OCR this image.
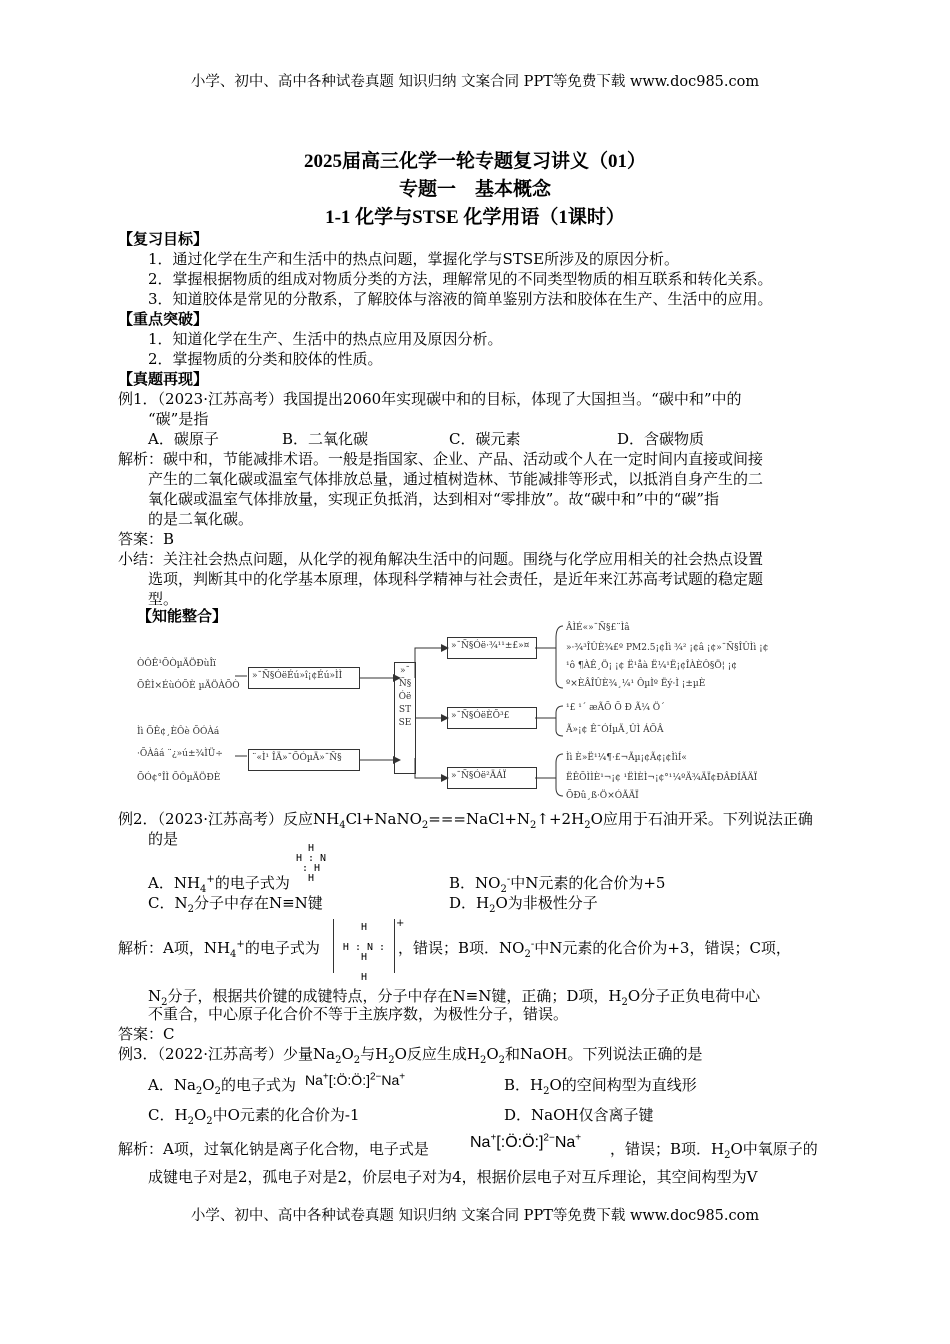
小学、初中、高中各种试卷真题 知识归纳 文案合同 PPT等免费下载 www.doc985.com
2025届高三化学一轮专题复习讲义（01）
专题一　基本概念
1-1 化学与STSE 化学用语（1课时）
【复习目标】
1．通过化学在生产和生活中的热点问题，掌握化学与STSE所涉及的原因分析。
2．掌握根据物质的组成对物质分类的方法，理解常见的不同类型物质的相互联系和转化关系。
3．知道胶体是常见的分散系，了解胶体与溶液的简单鉴别方法和胶体在生产、生活中的应用。
【重点突破】
1．知道化学在生产、生活中的热点应用及原因分析。
2．掌握物质的分类和胶体的性质。
【真题再现】
例1．（2023·江苏高考）我国提出2060年实现碳中和的目标，体现了大国担当。“碳中和”中的
“碳”是指
A．碳原子	B．二氧化碳	C．碳元素	D．含碳物质
解析：碳中和，节能减排术语。一般是指国家、企业、产品、活动或个人在一定时间内直接或间接
产生的二氧化碳或温室气体排放总量，通过植树造林、节能减排等形式，以抵消自身产生的二
氧化碳或温室气体排放量，实现正负抵消，达到相对“零排放”。故“碳中和”中的“碳”指
的是二氧化碳。
答案：B
小结：关注社会热点问题，从化学的视角解决生活中的问题。围绕与化学应用相关的社会热点设置
选项，判断其中的化学基本原理，体现科学精神与社会责任，是近年来江苏高考试题的稳定题
型。
【知能整合】
ÒÔÊ¹ÕÒµÄÖÐùÎï
ÕÊÌ×ÉùÓÕÈ µÄÖÀÕÒ
»¯Ñ§ÓëÉú»î¡¢Éú»ÌÌ
Ìì ÕÊ¢¸ÈÔè ÕÓÀá
·ÕÀâá ¨¿»ú±¾ÌÜ÷
ÕÓ¢°ÎÌ ÕÔµÄÖÐÈ
¨«Ì¹ ÎÄ»¯ÕÓµÄ»¯Ñ§
»¯Ñ§ÓëSTSE
»¯Ñ§Óë·¾¹¹±£»¤
»¯Ñ§ÓëÈÕ³£
»¯Ñ§Óë²ÄÁÏ
ÂÌÉ«»¯Ñ§£¨Ìâ
»·¾³ÎÛÈ¾£º PM2.5¡¢Ìì ¾² ¡¢â ¡¢»¯Ñ§ÎÛÌì ¡¢
¹ô ¶ÀÊ¸Ö¡ ¡¢ Ë¹åà Ë¼¹Ë¡¢ÎÀÈÔ§Ö¦ ¡¢
º×ÈÂÎÛÈ¾¸¼¹ ÔµÌº Ëý·Ì ¡±µÈ
¹£ ¹´ æÃÕ Õ Ð Ã¼ Ö´
Ã»¡¢ Ê¯ÓÍµÄ¸ÛÌ ÁÕÂ
Ìì È»Ë¹¼¶·£¬Ãµ¡¢Ã¢¡¢ÌìÍ«
ËÊÕÌÌÈ¹¬¡¢ ¹ËÌÈÌ¬¡¢°¹¼ºÄ¾ÄÏ¢ÐÂÐÍÃÄÏ
ÕÐû¸ß·Ö×ÓÃÄÏ
例2．（2023·江苏高考）反应$NH_4Cl+NaNO_2===NaCl+N_2↑+2H_2O$应用于石油开采。下列说法正确
的是
H
H : N : H
H
A．$NH_4^+$的电子式为	B．$NO_2^-$中N元素的化合价为+5
C．$N_2$分子中存在N≡N键	D．$H_2O$为非极性分子
解析：A项，$NH_4^+$的电子式为
H

H : N : H

H
+
，错误；B项．$NO_2^-$中N元素的化合价为+3，错误；C项，
$N_2$分子，根据共价键的成键特点，分子中存在N≡N键，正确；D项，$H_2O$分子正负电荷中心
不重合，中心原子化合价不等于主族序数，为极性分子，错误。
答案：C
例3．（2022·江苏高考）少量$Na_2O_2$与$H_2O$反应生成$H_2O_2$和NaOH。下列说法正确的是
A．$Na_2O_2$的电子式为 Na+[:Ö:Ö:]$^{2-}$Na+	B．$H_2O$的空间构型为直线形
C．$H_2O_2$中O元素的化合价为-1	D．NaOH仅含离子键
解析：A项，过氧化钠是离子化合物，电子式是	Na+[:Ö:Ö:]$^{2-}$Na+
，错误；B项．$H_2O$中氧原子的
成键电子对是2，孤电子对是2，价层电子对为4，根据价层电子对互斥理论，其空间构型为V
小学、初中、高中各种试卷真题 知识归纳 文案合同 PPT等免费下载 www.doc985.com
